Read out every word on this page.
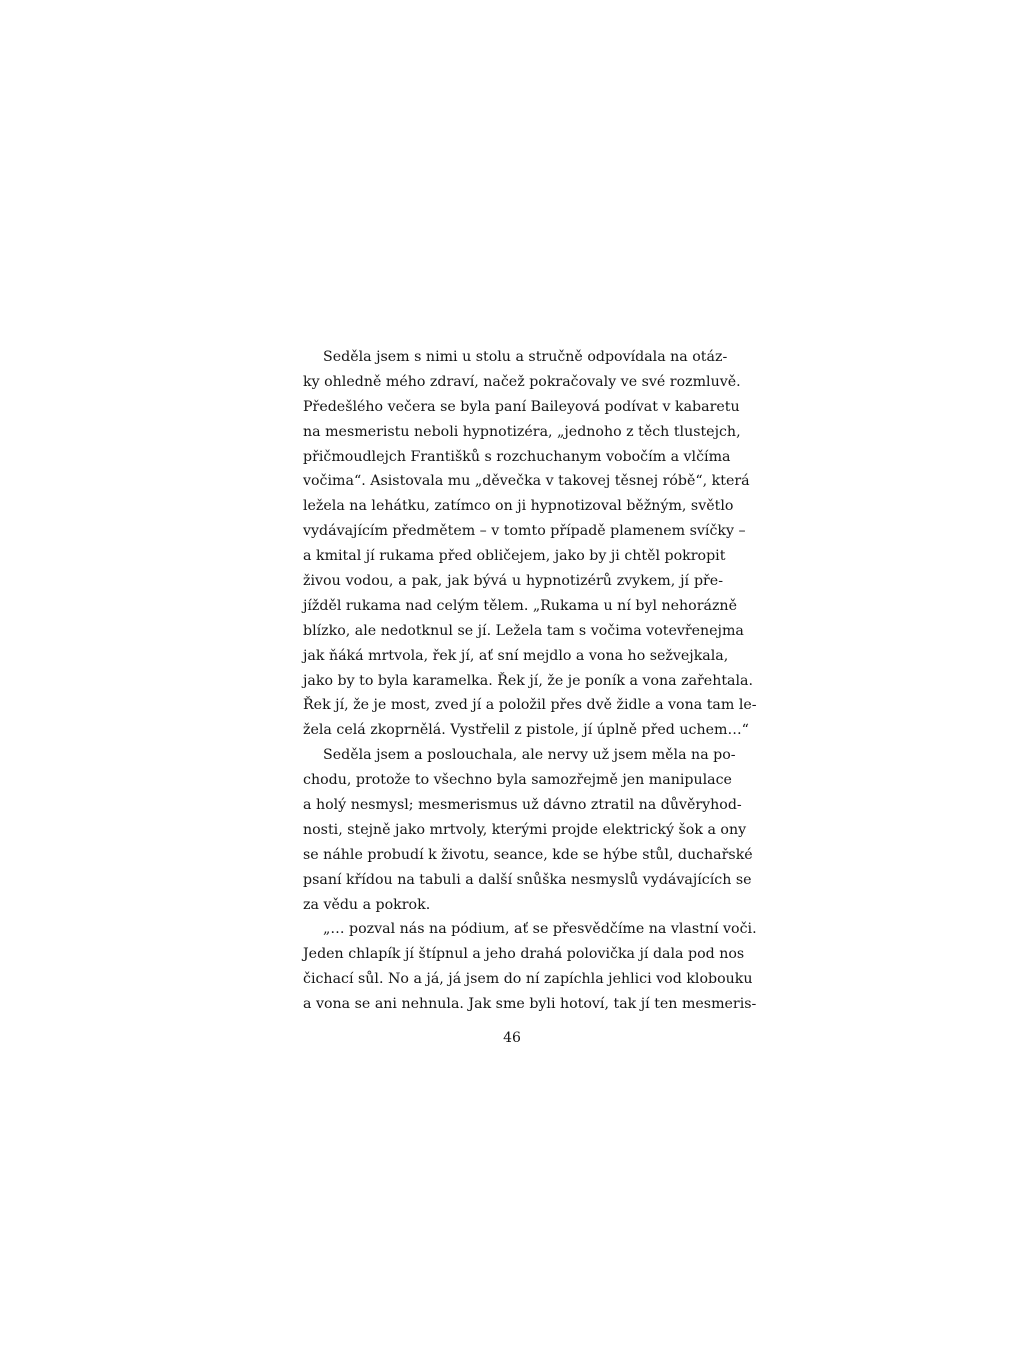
Seděla jsem s nimi u stolu a stručně odpovídala na otáz-
ky ohledně mého zdraví, načež pokračovaly ve své rozmluvě.
Předešlého večera se byla paní Baileyová podívat v kabaretu
na mesmeristu neboli hypnotizéra, „jednoho z těch tlustejch,
přičmoudlejch Františků s rozchuchanym vobočím a vlčíma
vočima“. Asistovala mu „děvečka v takovej těsnej róbě“, která
ležela na lehátku, zatímco on ji hypnotizoval běžným, světlo
vydávajícím předmětem – v tomto případě plamenem svíčky –
a kmital jí rukama před obličejem, jako by ji chtěl pokropit
živou vodou, a pak, jak bývá u hypnotizérů zvykem, jí pře-
jížděl rukama nad celým tělem. „Rukama u ní byl nehorázně
blízko, ale nedotknul se jí. Ležela tam s vočima votevřenejma
jak ňáká mrtvola, řek jí, ať sní mejdlo a vona ho sežvejkala,
jako by to byla karamelka. Řek jí, že je poník a vona zařehtala.
Řek jí, že je most, zved jí a položil přes dvě židle a vona tam le-
žela celá zkoprnělá. Vystřelil z pistole, jí úplně před uchem…“
Seděla jsem a poslouchala, ale nervy už jsem měla na po-
chodu, protože to všechno byla samozřejmě jen manipulace
a holý nesmysl; mesmerismus už dávno ztratil na důvěryhod-
nosti, stejně jako mrtvoly, kterými projde elektrický šok a ony
se náhle probudí k životu, seance, kde se hýbe stůl, duchařské
psaní křídou na tabuli a další snůška nesmyslů vydávajících se
za vědu a pokrok.
„… pozval nás na pódium, ať se přesvědčíme na vlastní voči.
Jeden chlapík jí štípnul a jeho drahá polovička jí dala pod nos
čichací sůl. No a já, já jsem do ní zapíchla jehlici vod klobouku
a vona se ani nehnula. Jak sme byli hotoví, tak jí ten mesmeris-
46
